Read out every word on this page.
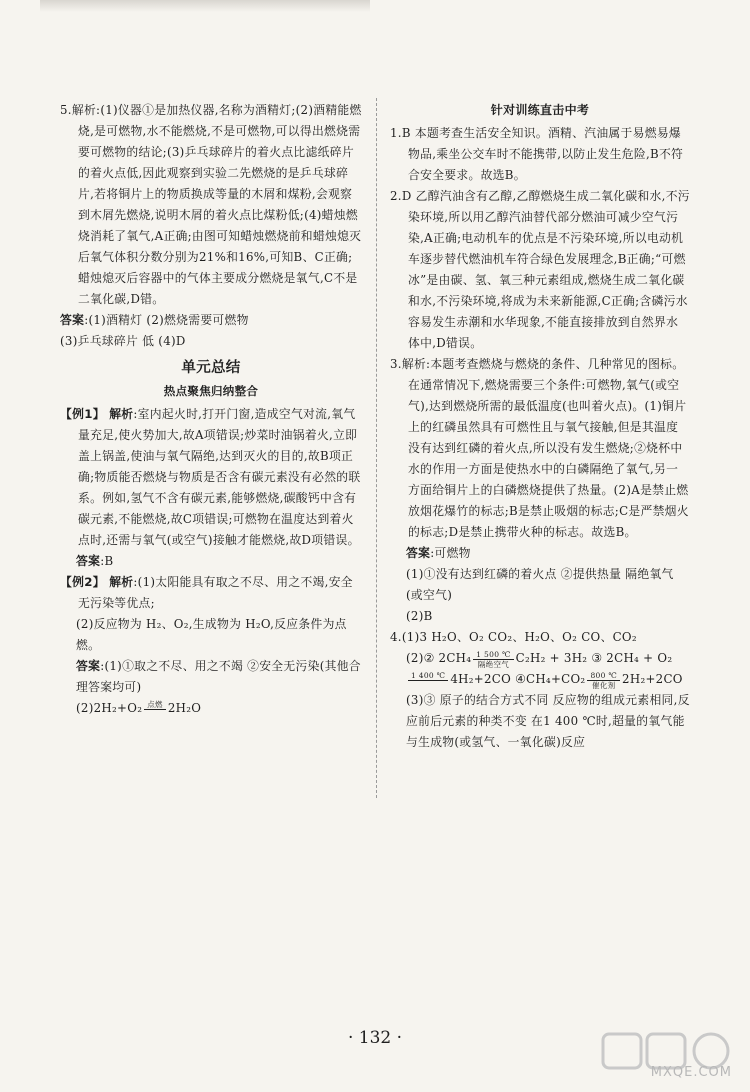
5.解析:(1)仪器①是加热仪器,名称为酒精灯;(2)酒精能燃烧,是可燃物,水不能燃烧,不是可燃物,可以得出燃烧需要可燃物的结论;(3)乒乓球碎片的着火点比滤纸碎片的着火点低,因此观察到实验二先燃烧的是乒乓球碎片,若将铜片上的物质换成等量的木屑和煤粉,会观察到木屑先燃烧,说明木屑的着火点比煤粉低;(4)蜡烛燃烧消耗了氧气,A正确;由图可知蜡烛燃烧前和蜡烛熄灭后氧气体积分数分别为21%和16%,可知B、C正确;蜡烛熄灭后容器中的气体主要成分燃烧是氧气,C不是二氧化碳,D错。

答案:(1)酒精灯 (2)燃烧需要可燃物

(3)乒乓球碎片 低 (4)D

单元总结
热点聚焦归纳整合

【例1】 解析:室内起火时,打开门窗,造成空气对流,氧气量充足,使火势加大,故A项错误;炒菜时油锅着火,立即盖上锅盖,使油与氧气隔绝,达到灭火的目的,故B项正确;物质能否燃烧与物质是否含有碳元素没有必然的联系。例如,氢气不含有碳元素,能够燃烧,碳酸钙中含有碳元素,不能燃烧,故C项错误;可燃物在温度达到着火点时,还需与氧气(或空气)接触才能燃烧,故D项错误。

答案:B

【例2】 解析:(1)太阳能具有取之不尽、用之不竭,安全无污染等优点;

(2)反应物为 H₂、O₂,生成物为 H₂O,反应条件为点燃。

答案:(1)①取之不尽、用之不竭 ②安全无污染(其他合理答案均可)

(2)2H₂+O₂ 点燃
2H₂O

针对训练直击中考

1.B 本题考查生活安全知识。酒精、汽油属于易燃易爆物品,乘坐公交车时不能携带,以防止发生危险,B不符合安全要求。故选B。

2.D 乙醇汽油含有乙醇,乙醇燃烧生成二氧化碳和水,不污染环境,所以用乙醇汽油替代部分燃油可减少空气污染,A正确;电动机车的优点是不污染环境,所以电动机车逐步替代燃油机车符合绿色发展理念,B正确;“可燃冰”是由碳、氢、氧三种元素组成,燃烧生成二氧化碳和水,不污染环境,将成为未来新能源,C正确;含磷污水容易发生赤潮和水华现象,不能直接排放到自然界水体中,D错误。

3.解析:本题考查燃烧与燃烧的条件、几种常见的图标。在通常情况下,燃烧需要三个条件:可燃物,氧气(或空气),达到燃烧所需的最低温度(也叫着火点)。(1)铜片上的红磷虽然具有可燃性且与氧气接触,但是其温度没有达到红磷的着火点,所以没有发生燃烧;②烧杯中水的作用一方面是使热水中的白磷隔绝了氧气,另一方面给铜片上的白磷燃烧提供了热量。(2)A是禁止燃放烟花爆竹的标志;B是禁止吸烟的标志;C是严禁烟火的标志;D是禁止携带火种的标志。故选B。

答案:可燃物

(1)①没有达到红磷的着火点 ②提供热量 隔绝氧气(或空气)

(2)B

4.(1)3 H₂O、O₂ CO₂、H₂O、O₂ CO、CO₂

(2)② 2CH₄ 1 500 ℃
隔绝空气 C₂H₂ + 3H₂ ③ 2CH₄ + O₂

1 400 ℃
4H₂+2CO ④CH₄+CO₂ 800 ℃
催化剂 2H₂+2CO

(3)③ 原子的结合方式不同 反应物的组成元素相同,反应前后元素的种类不变 在1 400 ℃时,超量的氧气能与生成物(或氢气、一氧化碳)反应

· 132 ·
MXQE.COM
